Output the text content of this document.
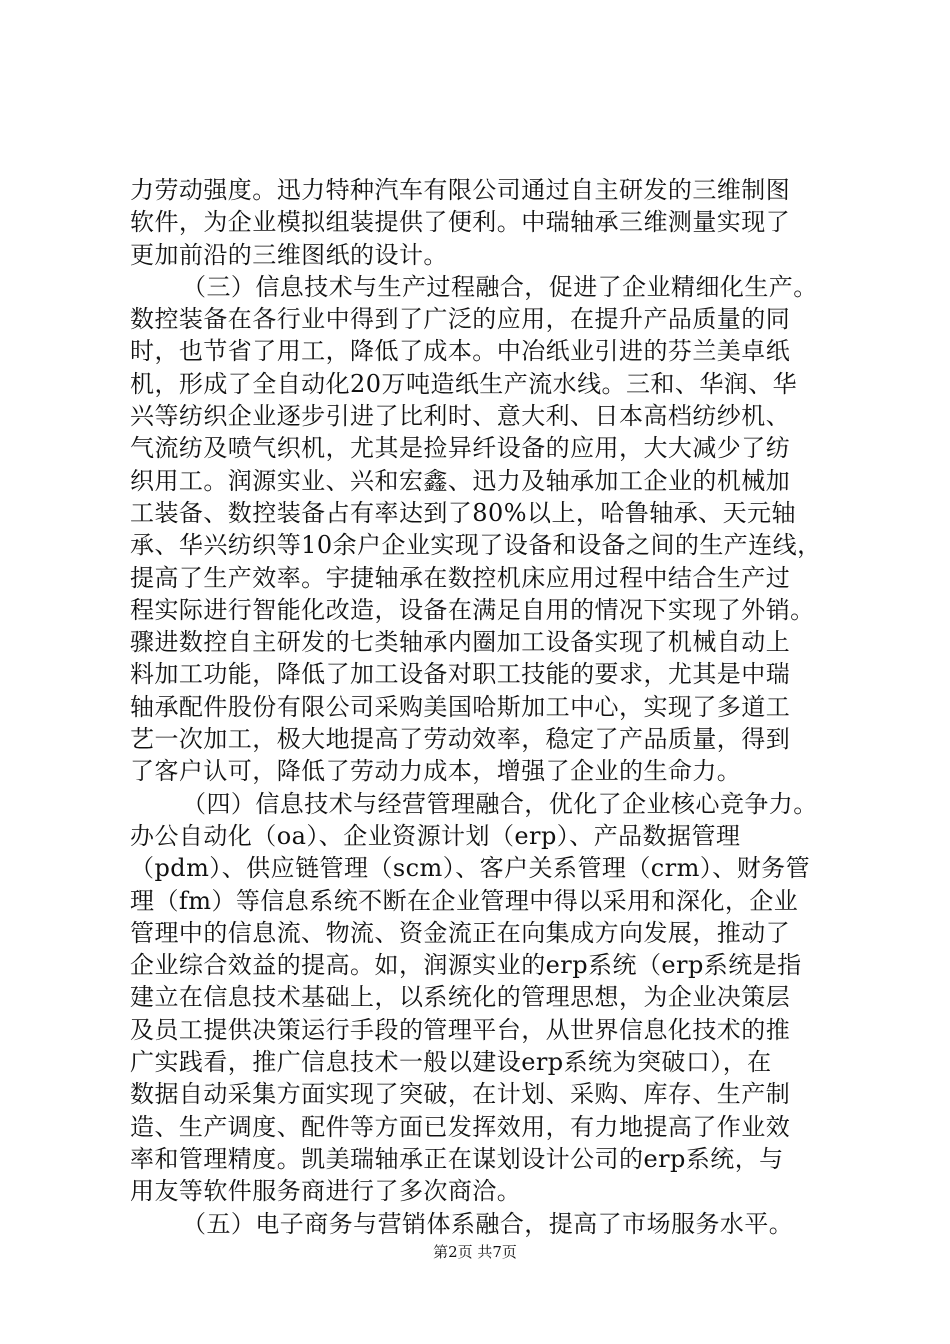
力劳动强度。迅力特种汽车有限公司通过自主研发的三维制图
软件，为企业模拟组装提供了便利。中瑞轴承三维测量实现了
更加前沿的三维图纸的设计。
（三）信息技术与生产过程融合，促进了企业精细化生产。
数控装备在各行业中得到了广泛的应用，在提升产品质量的同
时，也节省了用工，降低了成本。中冶纸业引进的芬兰美卓纸
机，形成了全自动化20万吨造纸生产流水线。三和、华润、华
兴等纺织企业逐步引进了比利时、意大利、日本高档纺纱机、
气流纺及喷气织机，尤其是捡异纤设备的应用，大大减少了纺
织用工。润源实业、兴和宏鑫、迅力及轴承加工企业的机械加
工装备、数控装备占有率达到了80%以上，哈鲁轴承、天元轴
承、华兴纺织等10余户企业实现了设备和设备之间的生产连线，
提高了生产效率。宇捷轴承在数控机床应用过程中结合生产过
程实际进行智能化改造，设备在满足自用的情况下实现了外销。
骤进数控自主研发的七类轴承内圈加工设备实现了机械自动上
料加工功能，降低了加工设备对职工技能的要求，尤其是中瑞
轴承配件股份有限公司采购美国哈斯加工中心，实现了多道工
艺一次加工，极大地提高了劳动效率，稳定了产品质量，得到
了客户认可，降低了劳动力成本，增强了企业的生命力。
（四）信息技术与经营管理融合，优化了企业核心竞争力。
办公自动化（oa）、企业资源计划（erp）、产品数据管理
（pdm）、供应链管理（scm）、客户关系管理（crm）、财务管
理（fm）等信息系统不断在企业管理中得以采用和深化，企业
管理中的信息流、物流、资金流正在向集成方向发展，推动了
企业综合效益的提高。如，润源实业的erp系统（erp系统是指
建立在信息技术基础上，以系统化的管理思想，为企业决策层
及员工提供决策运行手段的管理平台，从世界信息化技术的推
广实践看，推广信息技术一般以建设erp系统为突破口），在
数据自动采集方面实现了突破，在计划、采购、库存、生产制
造、生产调度、配件等方面已发挥效用，有力地提高了作业效
率和管理精度。凯美瑞轴承正在谋划设计公司的erp系统，与
用友等软件服务商进行了多次商洽。
（五）电子商务与营销体系融合，提高了市场服务水平。
第2页 共7页
